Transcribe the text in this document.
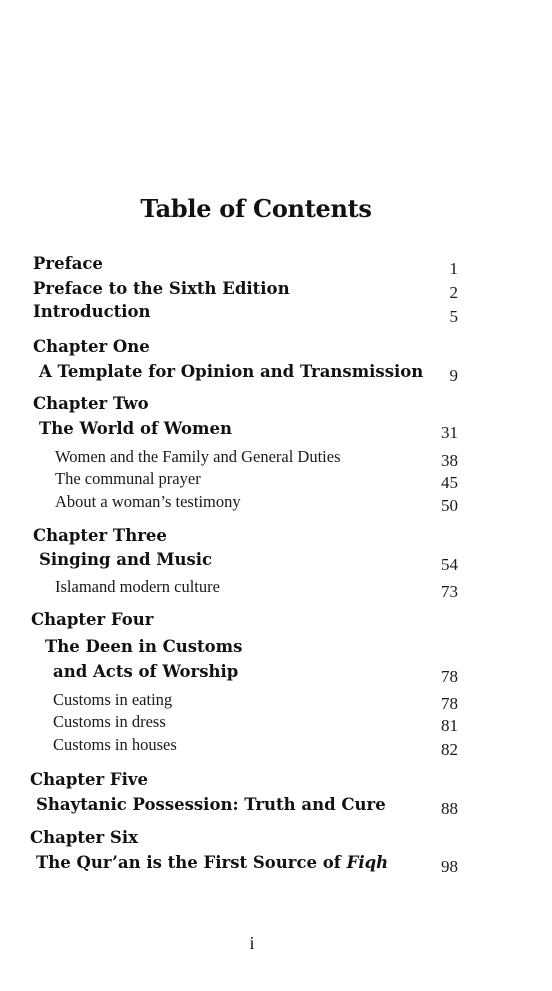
Table of Contents
Preface	1
Preface to the Sixth Edition	2
Introduction	5
Chapter One
A Template for Opinion and Transmission	9
Chapter Two
The World of Women	31
Women and the Family and General Duties	38
The communal prayer	45
About a woman’s testimony	50
Chapter Three
Singing and Music	54
Islamand modern culture	73
Chapter Four
The Deen in Customs
and Acts of Worship	78
Customs in eating	78
Customs in dress	81
Customs in houses	82
Chapter Five
Shaytanic Possession: Truth and Cure	88
Chapter Six
The Qur’an is the First Source of Fiqh	98
i
